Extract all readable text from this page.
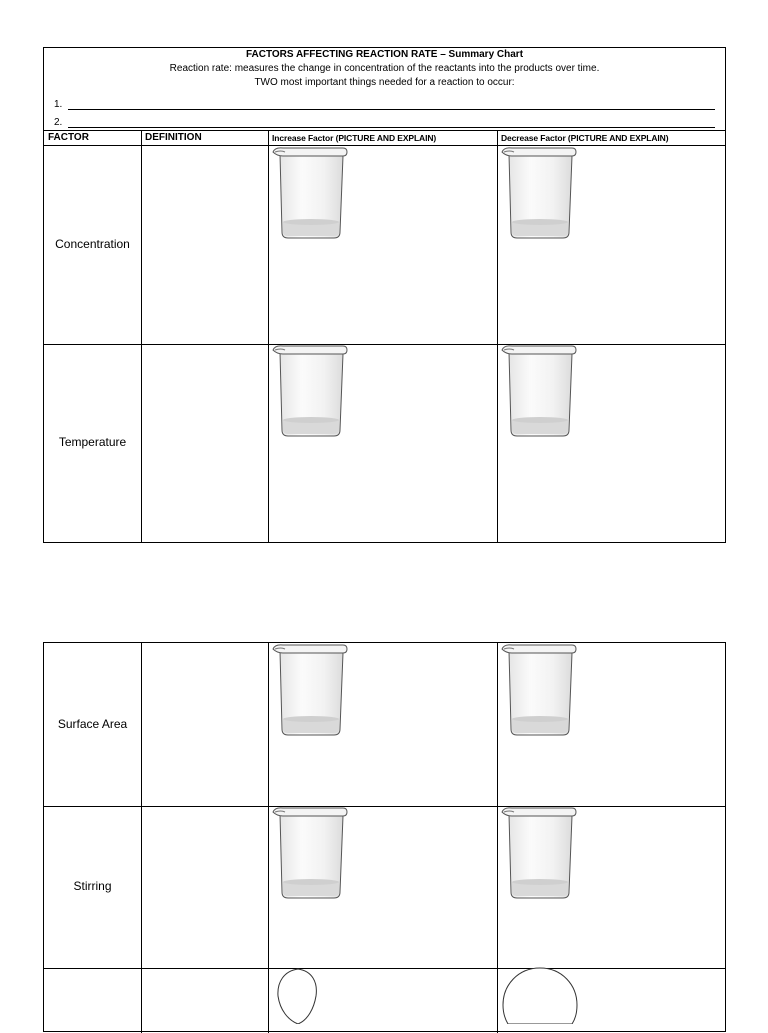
FACTORS AFFECTING REACTION RATE – Summary Chart
Reaction rate: measures the change in concentration of the reactants into the products over time.
TWO most important things needed for a reaction to occur:
1.
2.
FACTOR	DEFINITION	Increase Factor (PICTURE AND EXPLAIN)	Decrease Factor (PICTURE AND EXPLAIN)
Concentration
Temperature
Surface Area
Stirring
